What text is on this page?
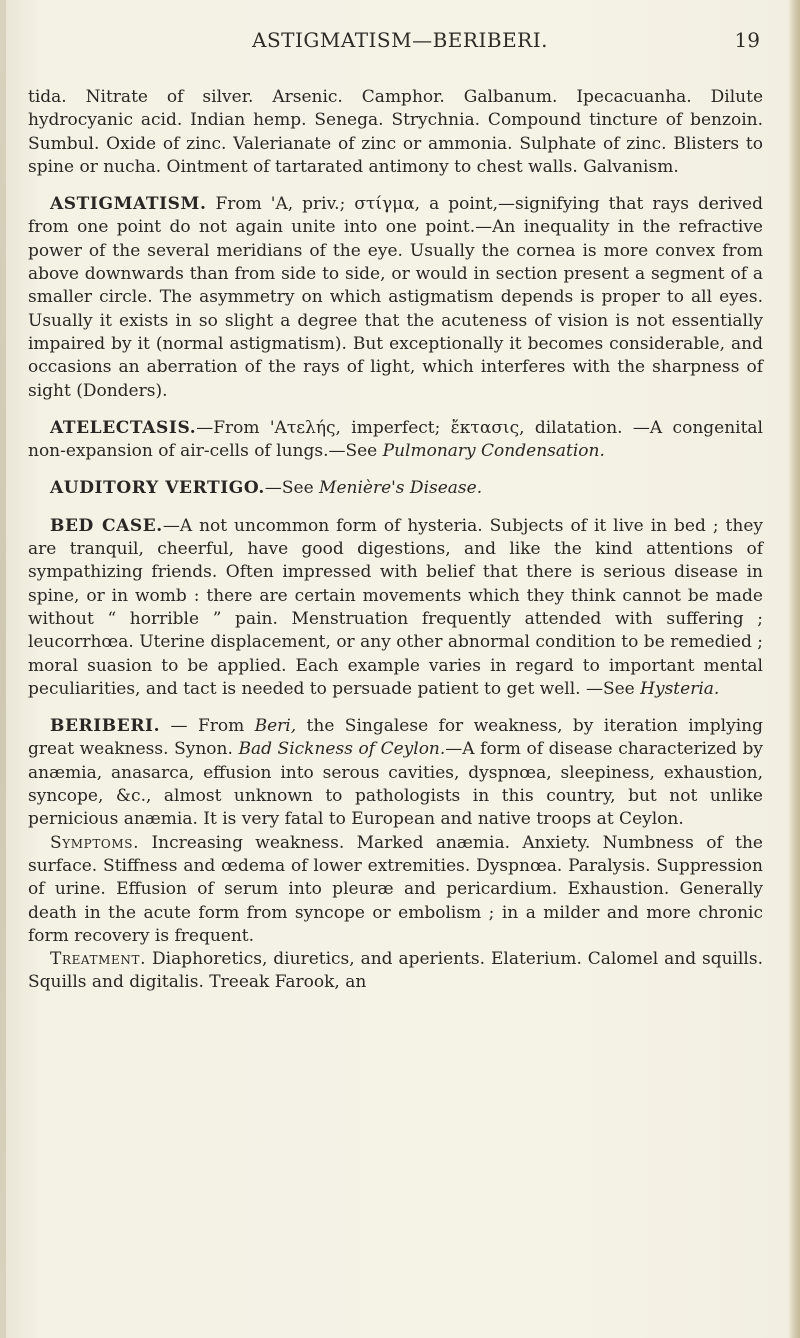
ASTIGMATISM—BERIBERI.	19

tida. Nitrate of silver. Arsenic. Camphor. Galbanum. Ipecacuanha. Dilute hydrocyanic acid. Indian hemp. Senega. Strychnia. Compound tincture of benzoin. Sumbul. Oxide of zinc. Valerianate of zinc or ammonia. Sulphate of zinc. Blisters to spine or nucha. Ointment of tartarated antimony to chest walls. Galvanism.

ASTIGMATISM. From 'A, priv.; στίγμα, a point,—signifying that rays derived from one point do not again unite into one point.—An inequality in the refractive power of the several meridians of the eye. Usually the cornea is more convex from above downwards than from side to side, or would in section present a segment of a smaller circle. The asymmetry on which astigmatism depends is proper to all eyes. Usually it exists in so slight a degree that the acuteness of vision is not essentially impaired by it (normal astigmatism). But exceptionally it becomes considerable, and occasions an aberration of the rays of light, which interferes with the sharpness of sight (Donders).

ATELECTASIS.—From 'Aτελής, imperfect; ἔκτασις, dilatation. —A congenital non-expansion of air-cells of lungs.—See Pulmonary Condensation.

AUDITORY VERTIGO.—See Menière's Disease.

BED CASE.—A not uncommon form of hysteria. Subjects of it live in bed ; they are tranquil, cheerful, have good digestions, and like the kind attentions of sympathizing friends. Often impressed with belief that there is serious disease in spine, or in womb : there are certain movements which they think cannot be made without “ horrible ” pain. Menstruation frequently attended with suffering ; leucorrhœa. Uterine displacement, or any other abnormal condition to be remedied ; moral suasion to be applied. Each example varies in regard to important mental peculiarities, and tact is needed to persuade patient to get well. —See Hysteria.

BERIBERI. — From Beri, the Singalese for weakness, by iteration implying great weakness. Synon. Bad Sickness of Ceylon.—A form of disease characterized by anæmia, anasarca, effusion into serous cavities, dyspnœa, sleepiness, exhaustion, syncope, &c., almost unknown to pathologists in this country, but not unlike pernicious anæmia. It is very fatal to European and native troops at Ceylon.

Symptoms. Increasing weakness. Marked anæmia. Anxiety. Numbness of the surface. Stiffness and œdema of lower extremities. Dyspnœa. Paralysis. Suppression of urine. Effusion of serum into pleuræ and pericardium. Exhaustion. Generally death in the acute form from syncope or embolism ; in a milder and more chronic form recovery is frequent.

Treatment. Diaphoretics, diuretics, and aperients. Elaterium. Calomel and squills. Squills and digitalis. Treeak Farook, an
